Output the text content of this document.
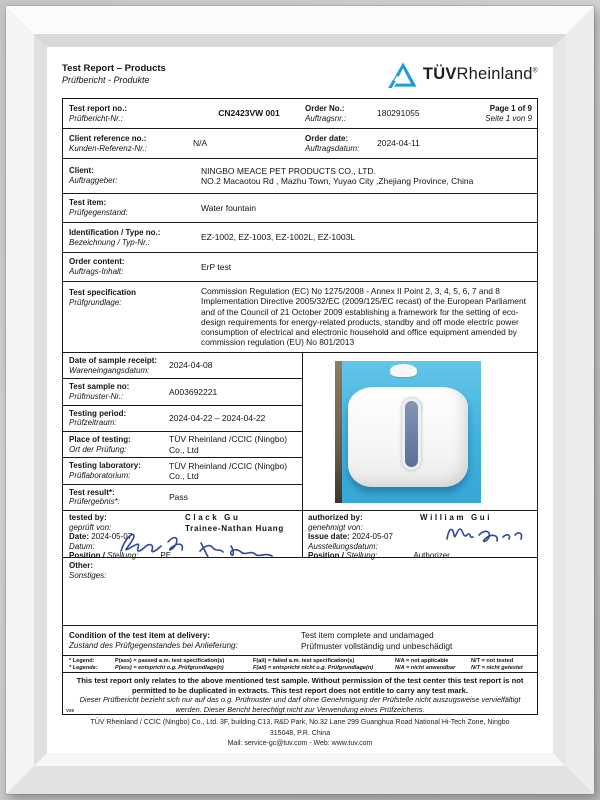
Test Report – Products
Prüfbericht - Produkte	TÜVRheinland®
Test report no.:
Prüfbericht-Nr.:	CN2423VW 001
Order No.:
Auftragsnr.:	180291055
Page 1 of 9
Seite 1 von 9
Client reference no.:
Kunden-Referenz-Nr.:	N/A
Order date:
Auftragsdatum:	2024-04-11
Client:
Auftraggeber:
NINGBO MEACE PET PRODUCTS CO., LTD.
NO.2 Macaotou Rd , Mazhu Town, Yuyao City ,Zhejiang Province, China
Test item:
Prüfgegenstand:	Water fountain
Identification / Type no.:
Bezeichnung / Typ-Nr.:	EZ-1002, EZ-1003, EZ-1002L, EZ-1003L
Order content:
Auftrags-Inhalt:	ErP test
Test specification
Prüfgrundlage:
Commission Regulation (EC) No 1275/2008 - Annex II Point 2, 3, 4, 5, 6, 7 and 8
Implementation Directive 2005/32/EC (2009/125/EC recast) of the European Parliament and of the Council of 21 October 2009 establishing a framework for the setting of eco-design requirements for energy-related products, standby and off mode electric power consumption of electrical and electronic household and office equipment amended by commission regulation (EU) No 801/2013
Date of sample receipt:
Wareneingangsdatum:	2024-04-08
Test sample no:
Prüfmuster-Nr.:	A003692221
Testing period:
Prüfzeitraum:	2024-04-22 – 2024-04-22
Place of testing:
Ort der Prüfung:
TÜV Rheinland /CCIC (Ningbo) Co., Ltd
Testing laboratory:
Prüflaboratorium:
TÜV Rheinland /CCIC (Ningbo) Co., Ltd
Test result*:
Prüfergebnis*:	Pass
tested by:
geprüft von:
Date: 2024-05-07
Datum:
Position / Stellung:	PE
Clack Gu
Trainee-Nathan Huang
authorized by:
genehmigt von:
Issue date: 2024-05-07
Ausstellungsdatum:
Position / Stellung:	Authorizer
William Gui
Other:
Sonstiges:
Condition of the test item at delivery:
Zustand des Prüfgegenstandes bei Anlieferung:
Test item complete and undamaged
Prüfmuster vollständig und unbeschädigt
* Legend:	P(ass) = passed a.m. test specification(s)	F(ail) = failed a.m. test specification(s)	N/A = not applicable	N/T = not tested
* Legende:	P(ass) = entspricht o.g. Prüfgrundlage(n)	F(ail) = entspricht nicht o.g. Prüfgrundlage(n)	N/A = nicht anwendbar	N/T = nicht getestet
This test report only relates to the above mentioned test sample. Without permission of the test center this test report is not permitted to be duplicated in extracts. This test report does not entitle to carry any test mark.
Dieser Prüfbericht bezieht sich nur auf das o.g. Prüfmuster und darf ohne Genehmigung der Prüfstelle nicht auszugsweise vervielfältigt werden. Dieser Bericht berechtigt nicht zur Verwendung eines Prüfzeichens.
V05
TÜV Rheinland / CCIC (Ningbo) Co., Ltd. 3F, building C13, R&D Park, No.32 Lane 299 Guanghua Road National Hi-Tech Zone, Ningbo
315048, P.R. China
Mail: service-gc@tuv.com - Web: www.tuv.com
